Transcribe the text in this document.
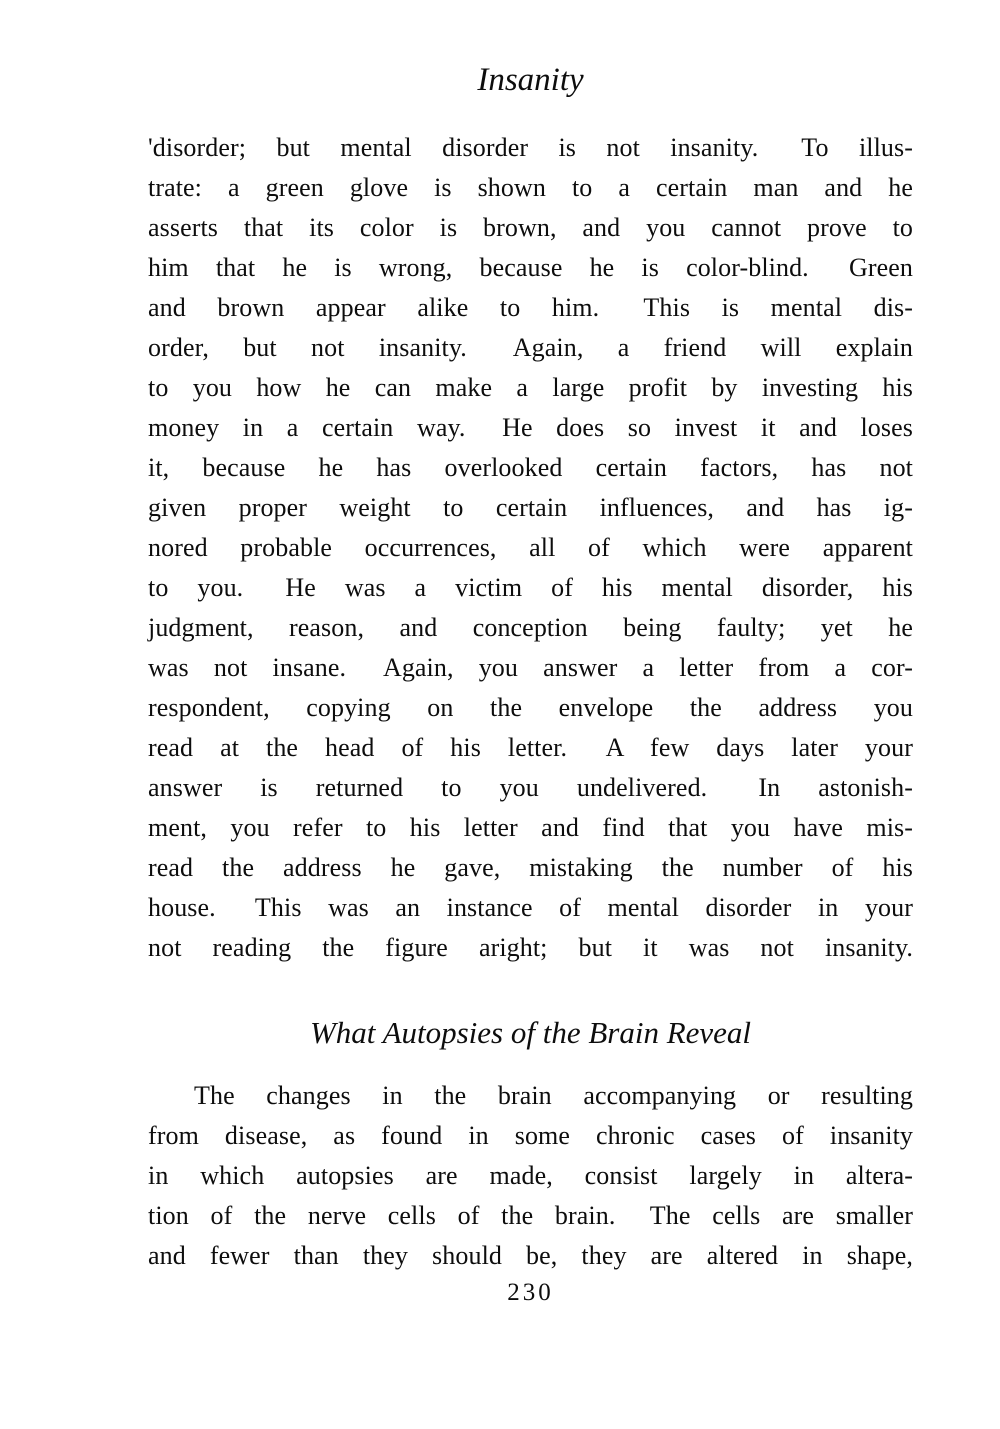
Insanity
'disorder; but mental disorder is not insanity.  To illus-
trate: a green glove is shown to a certain man and he
asserts that its color is brown, and you cannot prove to
him that he is wrong, because he is color-blind.  Green
and brown appear alike to him.  This is mental dis-
order, but not insanity.  Again, a friend will explain
to you how he can make a large profit by investing his
money in a certain way.  He does so invest it and loses
it, because he has overlooked certain factors, has not
given proper weight to certain influences, and has ig-
nored probable occurrences, all of which were apparent
to you.  He was a victim of his mental disorder, his
judgment, reason, and conception being faulty; yet he
was not insane.  Again, you answer a letter from a cor-
respondent, copying on the envelope the address you
read at the head of his letter.  A few days later your
answer is returned to you undelivered.  In astonish-
ment, you refer to his letter and find that you have mis-
read the address he gave, mistaking the number of his
house.  This was an instance of mental disorder in your
not reading the figure aright; but it was not insanity.
What Autopsies of the Brain Reveal
The changes in the brain accompanying or resulting
from disease, as found in some chronic cases of insanity
in which autopsies are made, consist largely in altera-
tion of the nerve cells of the brain.  The cells are smaller
and fewer than they should be, they are altered in shape,
230
